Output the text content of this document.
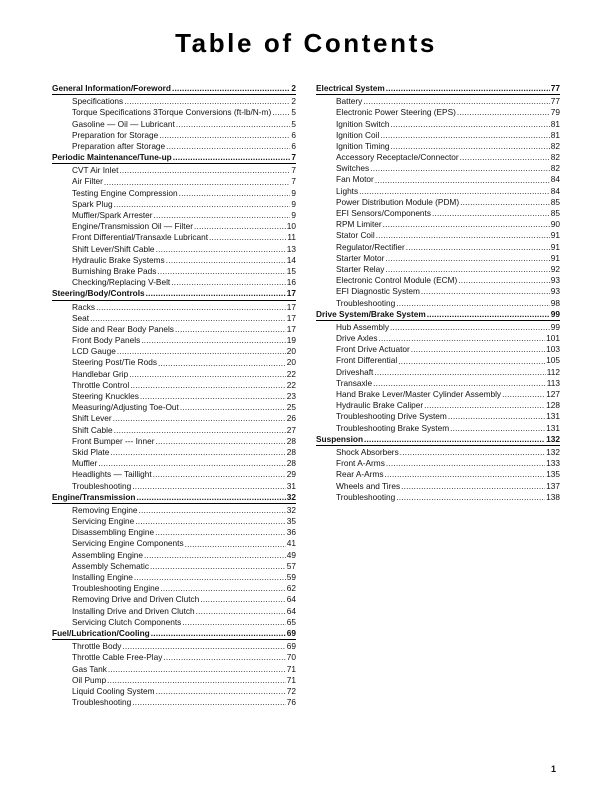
Table of Contents
General Information/Foreword .....	2
Specifications .....	2
Torque Specifications 3Torque Conversions (ft-lb/N-m) ..... 5
Gasoline — Oil — Lubricant .....	5
Preparation for Storage .....	6
Preparation after Storage .....	6
Periodic Maintenance/Tune-up .....	7
CVT Air Inlet .....	7
Air Filter .....	7
Testing Engine Compression .....	9
Spark Plug .....	9
Muffler/Spark Arrester .....	9
Engine/Transmission Oil — Filter .....	10
Front Differential/Transaxle Lubricant .....	11
Shift Lever/Shift Cable .....	13
Hydraulic Brake Systems .....	14
Burnishing Brake Pads .....	15
Checking/Replacing V-Belt .....	16
Steering/Body/Controls .....	17
Racks .....	17
Seat .....	17
Side and Rear Body Panels .....	17
Front Body Panels .....	19
LCD Gauge .....	20
Steering Post/Tie Rods .....	20
Handlebar Grip .....	22
Throttle Control .....	22
Steering Knuckles .....	23
Measuring/Adjusting Toe-Out .....	25
Shift Lever .....	26
Shift Cable .....	27
Front Bumper --- Inner .....	28
Skid Plate .....	28
Muffler .....	28
Headlights — Taillight .....	29
Troubleshooting .....	31
Engine/Transmission .....	32
Removing Engine .....	32
Servicing Engine .....	35
Disassembling Engine .....	36
Servicing Engine Components .....	41
Assembling Engine .....	49
Assembly Schematic .....	57
Installing Engine .....	59
Troubleshooting Engine .....	62
Removing Drive and Driven Clutch .....	64
Installing Drive and Driven Clutch .....	64
Servicing Clutch Components .....	65
Fuel/Lubrication/Cooling .....	69
Throttle Body .....	69
Throttle Cable Free-Play .....	70
Gas Tank .....	71
Oil Pump .....	71
Liquid Cooling System .....	72
Troubleshooting .....	76
Electrical System .....	77
Battery .....	77
Electronic Power Steering (EPS) .....	79
Ignition Switch .....	81
Ignition Coil .....	81
Ignition Timing .....	82
Accessory Receptacle/Connector .....	82
Switches .....	82
Fan Motor .....	84
Lights .....	84
Power Distribution Module (PDM) .....	85
EFI Sensors/Components .....	85
RPM Limiter .....	90
Stator Coil .....	91
Regulator/Rectifier .....	91
Starter Motor .....	91
Starter Relay .....	92
Electronic Control Module (ECM) .....	93
EFI Diagnostic System .....	93
Troubleshooting .....	98
Drive System/Brake System .....	99
Hub Assembly .....	99
Drive Axles .....	101
Front Drive Actuator .....	103
Front Differential .....	105
Driveshaft .....	112
Transaxle .....	113
Hand Brake Lever/Master Cylinder Assembly .....	127
Hydraulic Brake Caliper .....	128
Troubleshooting Drive System .....	131
Troubleshooting Brake System .....	131
Suspension .....	132
Shock Absorbers .....	132
Front A-Arms .....	133
Rear A-Arms .....	135
Wheels and Tires .....	137
Troubleshooting .....	138
1
